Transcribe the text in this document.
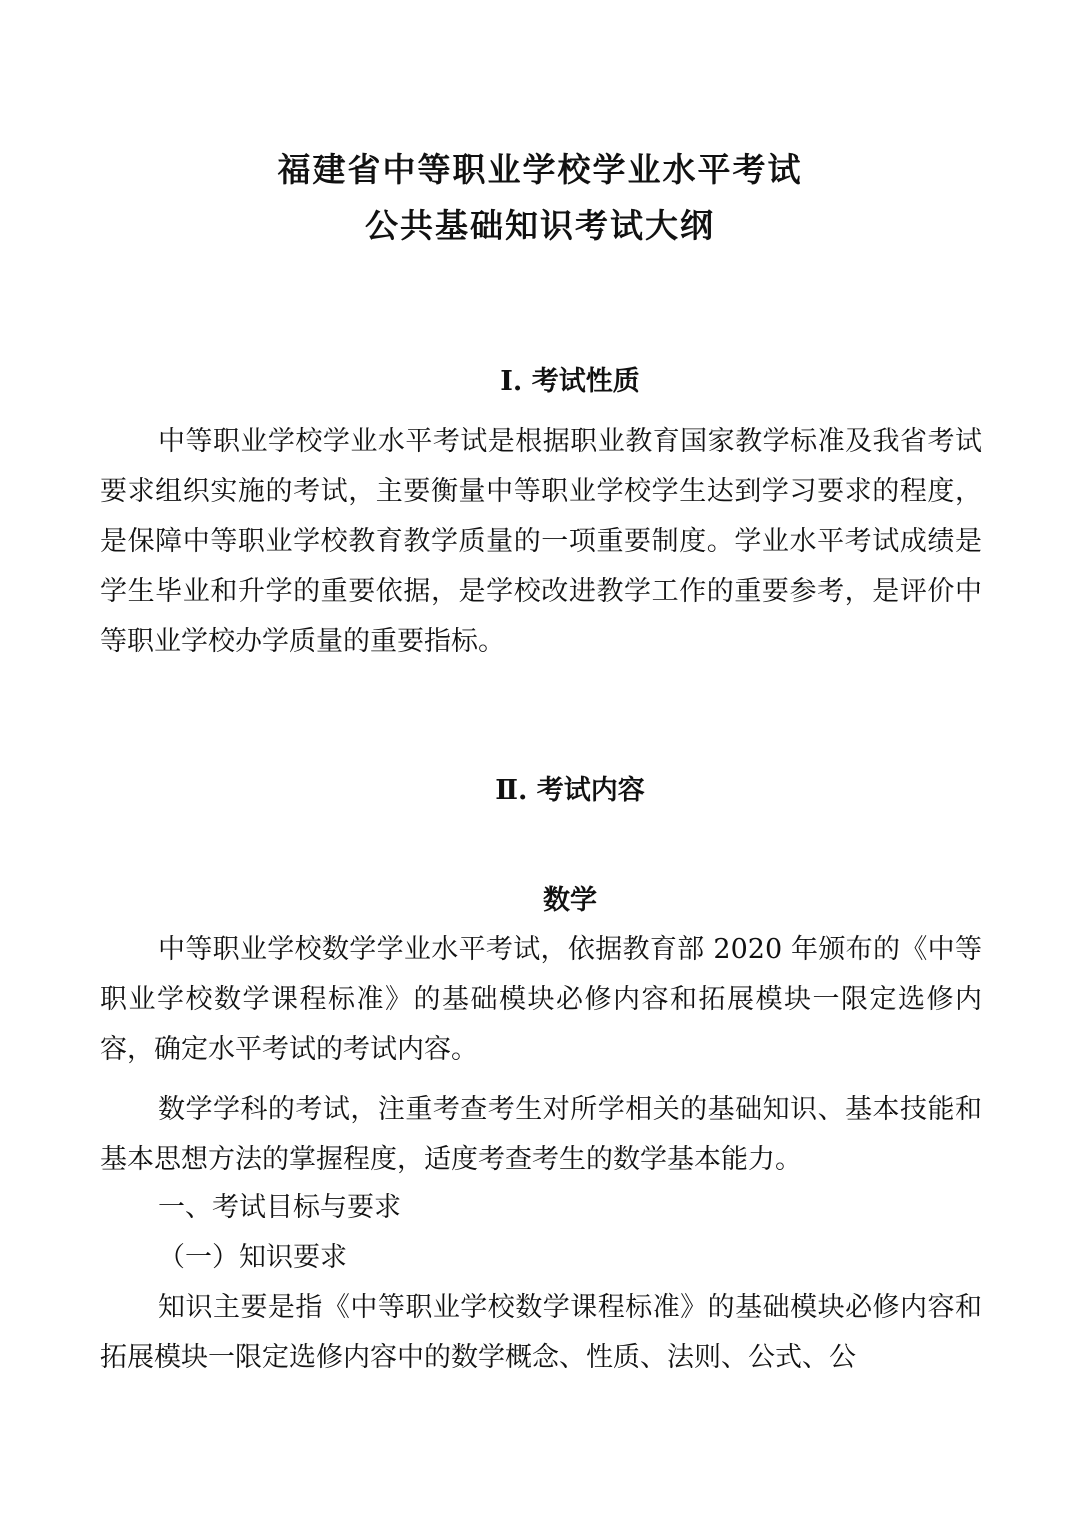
福建省中等职业学校学业水平考试
公共基础知识考试大纲
Ⅰ. 考试性质

中等职业学校学业水平考试是根据职业教育国家教学标准及我省考试要求组织实施的考试，主要衡量中等职业学校学生达到学习要求的程度，是保障中等职业学校教育教学质量的一项重要制度。学业水平考试成绩是学生毕业和升学的重要依据，是学校改进教学工作的重要参考，是评价中等职业学校办学质量的重要指标。

Ⅱ. 考试内容
数学

中等职业学校数学学业水平考试，依据教育部 2020 年颁布的《中等职业学校数学课程标准》的基础模块必修内容和拓展模块一限定选修内容，确定水平考试的考试内容。

数学学科的考试，注重考查考生对所学相关的基础知识、基本技能和基本思想方法的掌握程度，适度考查考生的数学基本能力。

一、考试目标与要求

（一）知识要求

知识主要是指《中等职业学校数学课程标准》的基础模块必修内容和拓展模块一限定选修内容中的数学概念、性质、法则、公式、公
